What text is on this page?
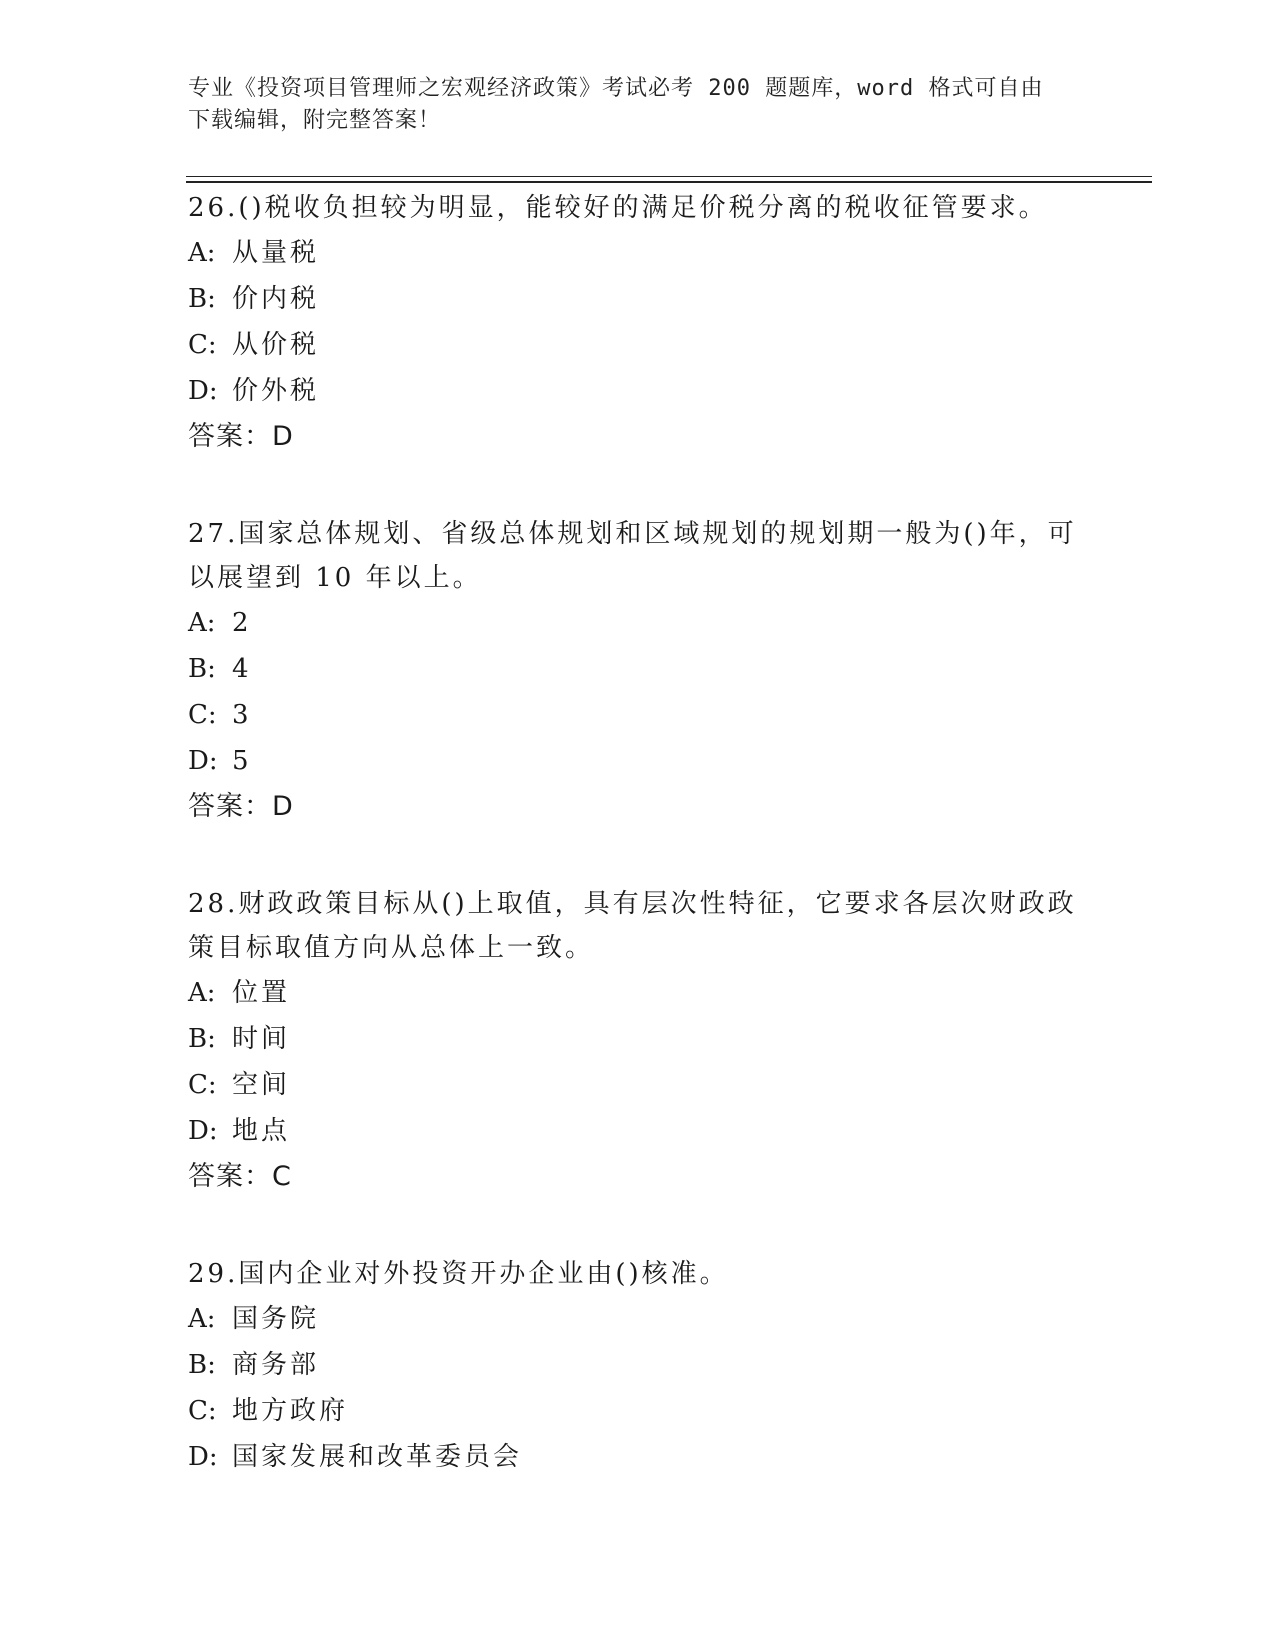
专业《投资项目管理师之宏观经济政策》考试必考 200 题题库，word 格式可自由
下载编辑，附完整答案！
26.()税收负担较为明显，能较好的满足价税分离的税收征管要求。
A: 从量税
B: 价内税
C: 从价税
D: 价外税
答案：D
27.国家总体规划、省级总体规划和区域规划的规划期一般为()年，可
以展望到 10 年以上。
A: 2
B: 4
C: 3
D: 5
答案：D
28.财政政策目标从()上取值，具有层次性特征，它要求各层次财政政
策目标取值方向从总体上一致。
A: 位置
B: 时间
C: 空间
D: 地点
答案：C
29.国内企业对外投资开办企业由()核准。
A: 国务院
B: 商务部
C: 地方政府
D: 国家发展和改革委员会
